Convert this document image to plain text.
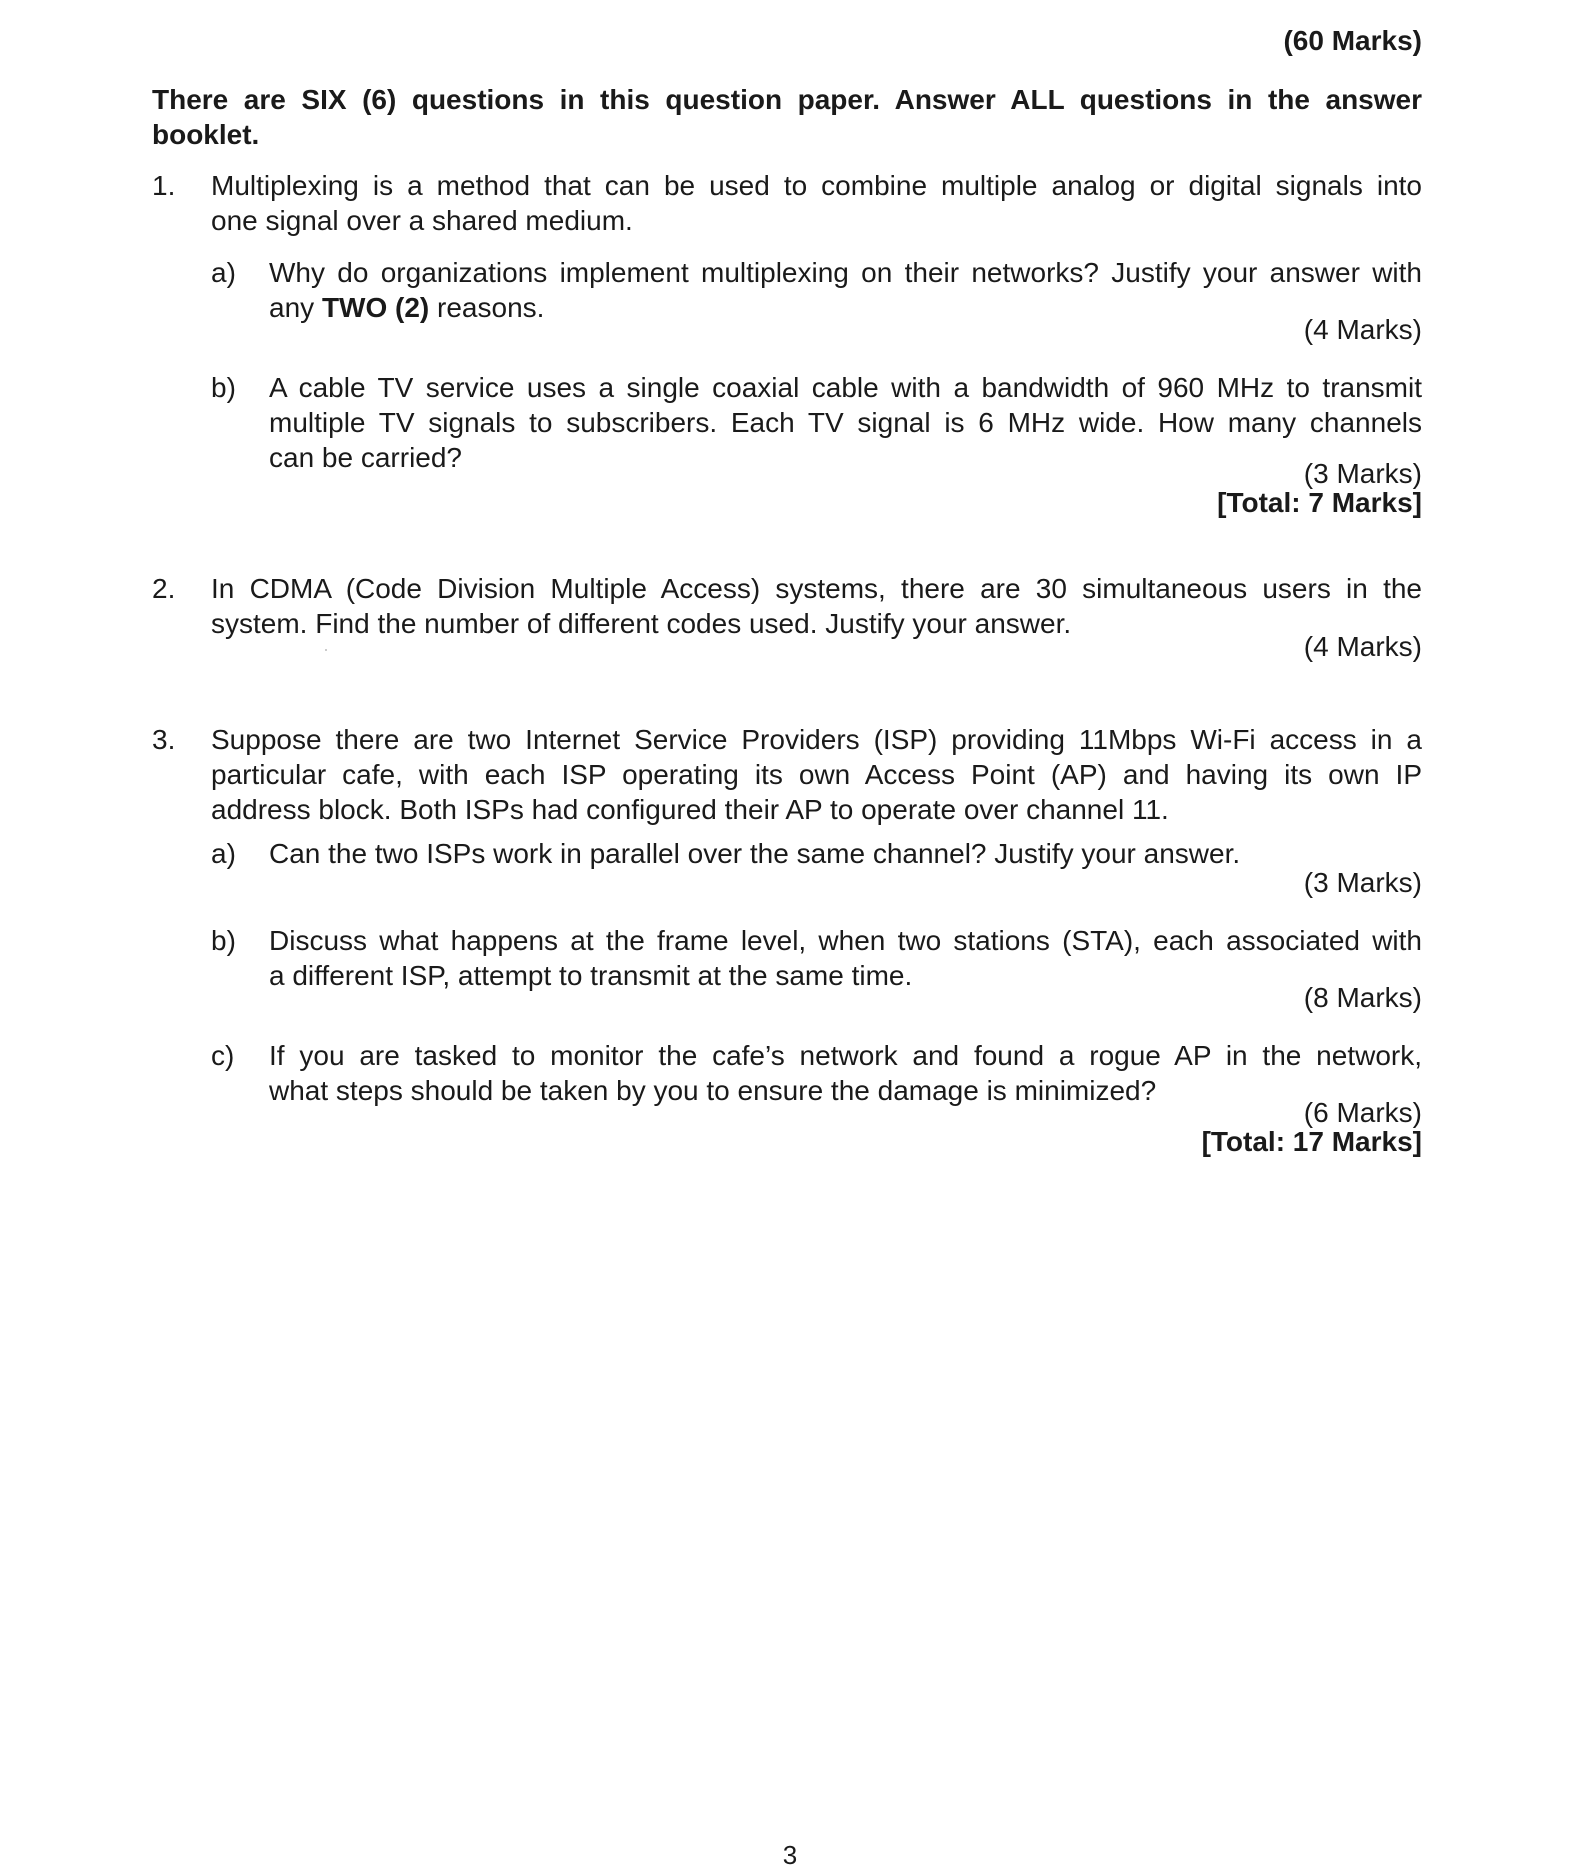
(60 Marks)
There are SIX (6) questions in this question paper. Answer ALL questions in the answer
booklet.
1. Multiplexing is a method that can be used to combine multiple analog or digital signals into
one signal over a shared medium.
a) Why do organizations implement multiplexing on their networks? Justify your answer with
any TWO (2) reasons.
(4 Marks)
b) A cable TV service uses a single coaxial cable with a bandwidth of 960 MHz to transmit
multiple TV signals to subscribers. Each TV signal is 6 MHz wide. How many channels
can be carried?
(3 Marks)
[Total: 7 Marks]
2. In CDMA (Code Division Multiple Access) systems, there are 30 simultaneous users in the
system. Find the number of different codes used. Justify your answer.
(4 Marks)
3. Suppose there are two Internet Service Providers (ISP) providing 11Mbps Wi-Fi access in a
particular cafe, with each ISP operating its own Access Point (AP) and having its own IP
address block. Both ISPs had configured their AP to operate over channel 11.
a) Can the two ISPs work in parallel over the same channel? Justify your answer.
(3 Marks)
b) Discuss what happens at the frame level, when two stations (STA), each associated with
a different ISP, attempt to transmit at the same time.
(8 Marks)
c) If you are tasked to monitor the cafe’s network and found a rogue AP in the network,
what steps should be taken by you to ensure the damage is minimized?
(6 Marks)
[Total: 17 Marks]
3
